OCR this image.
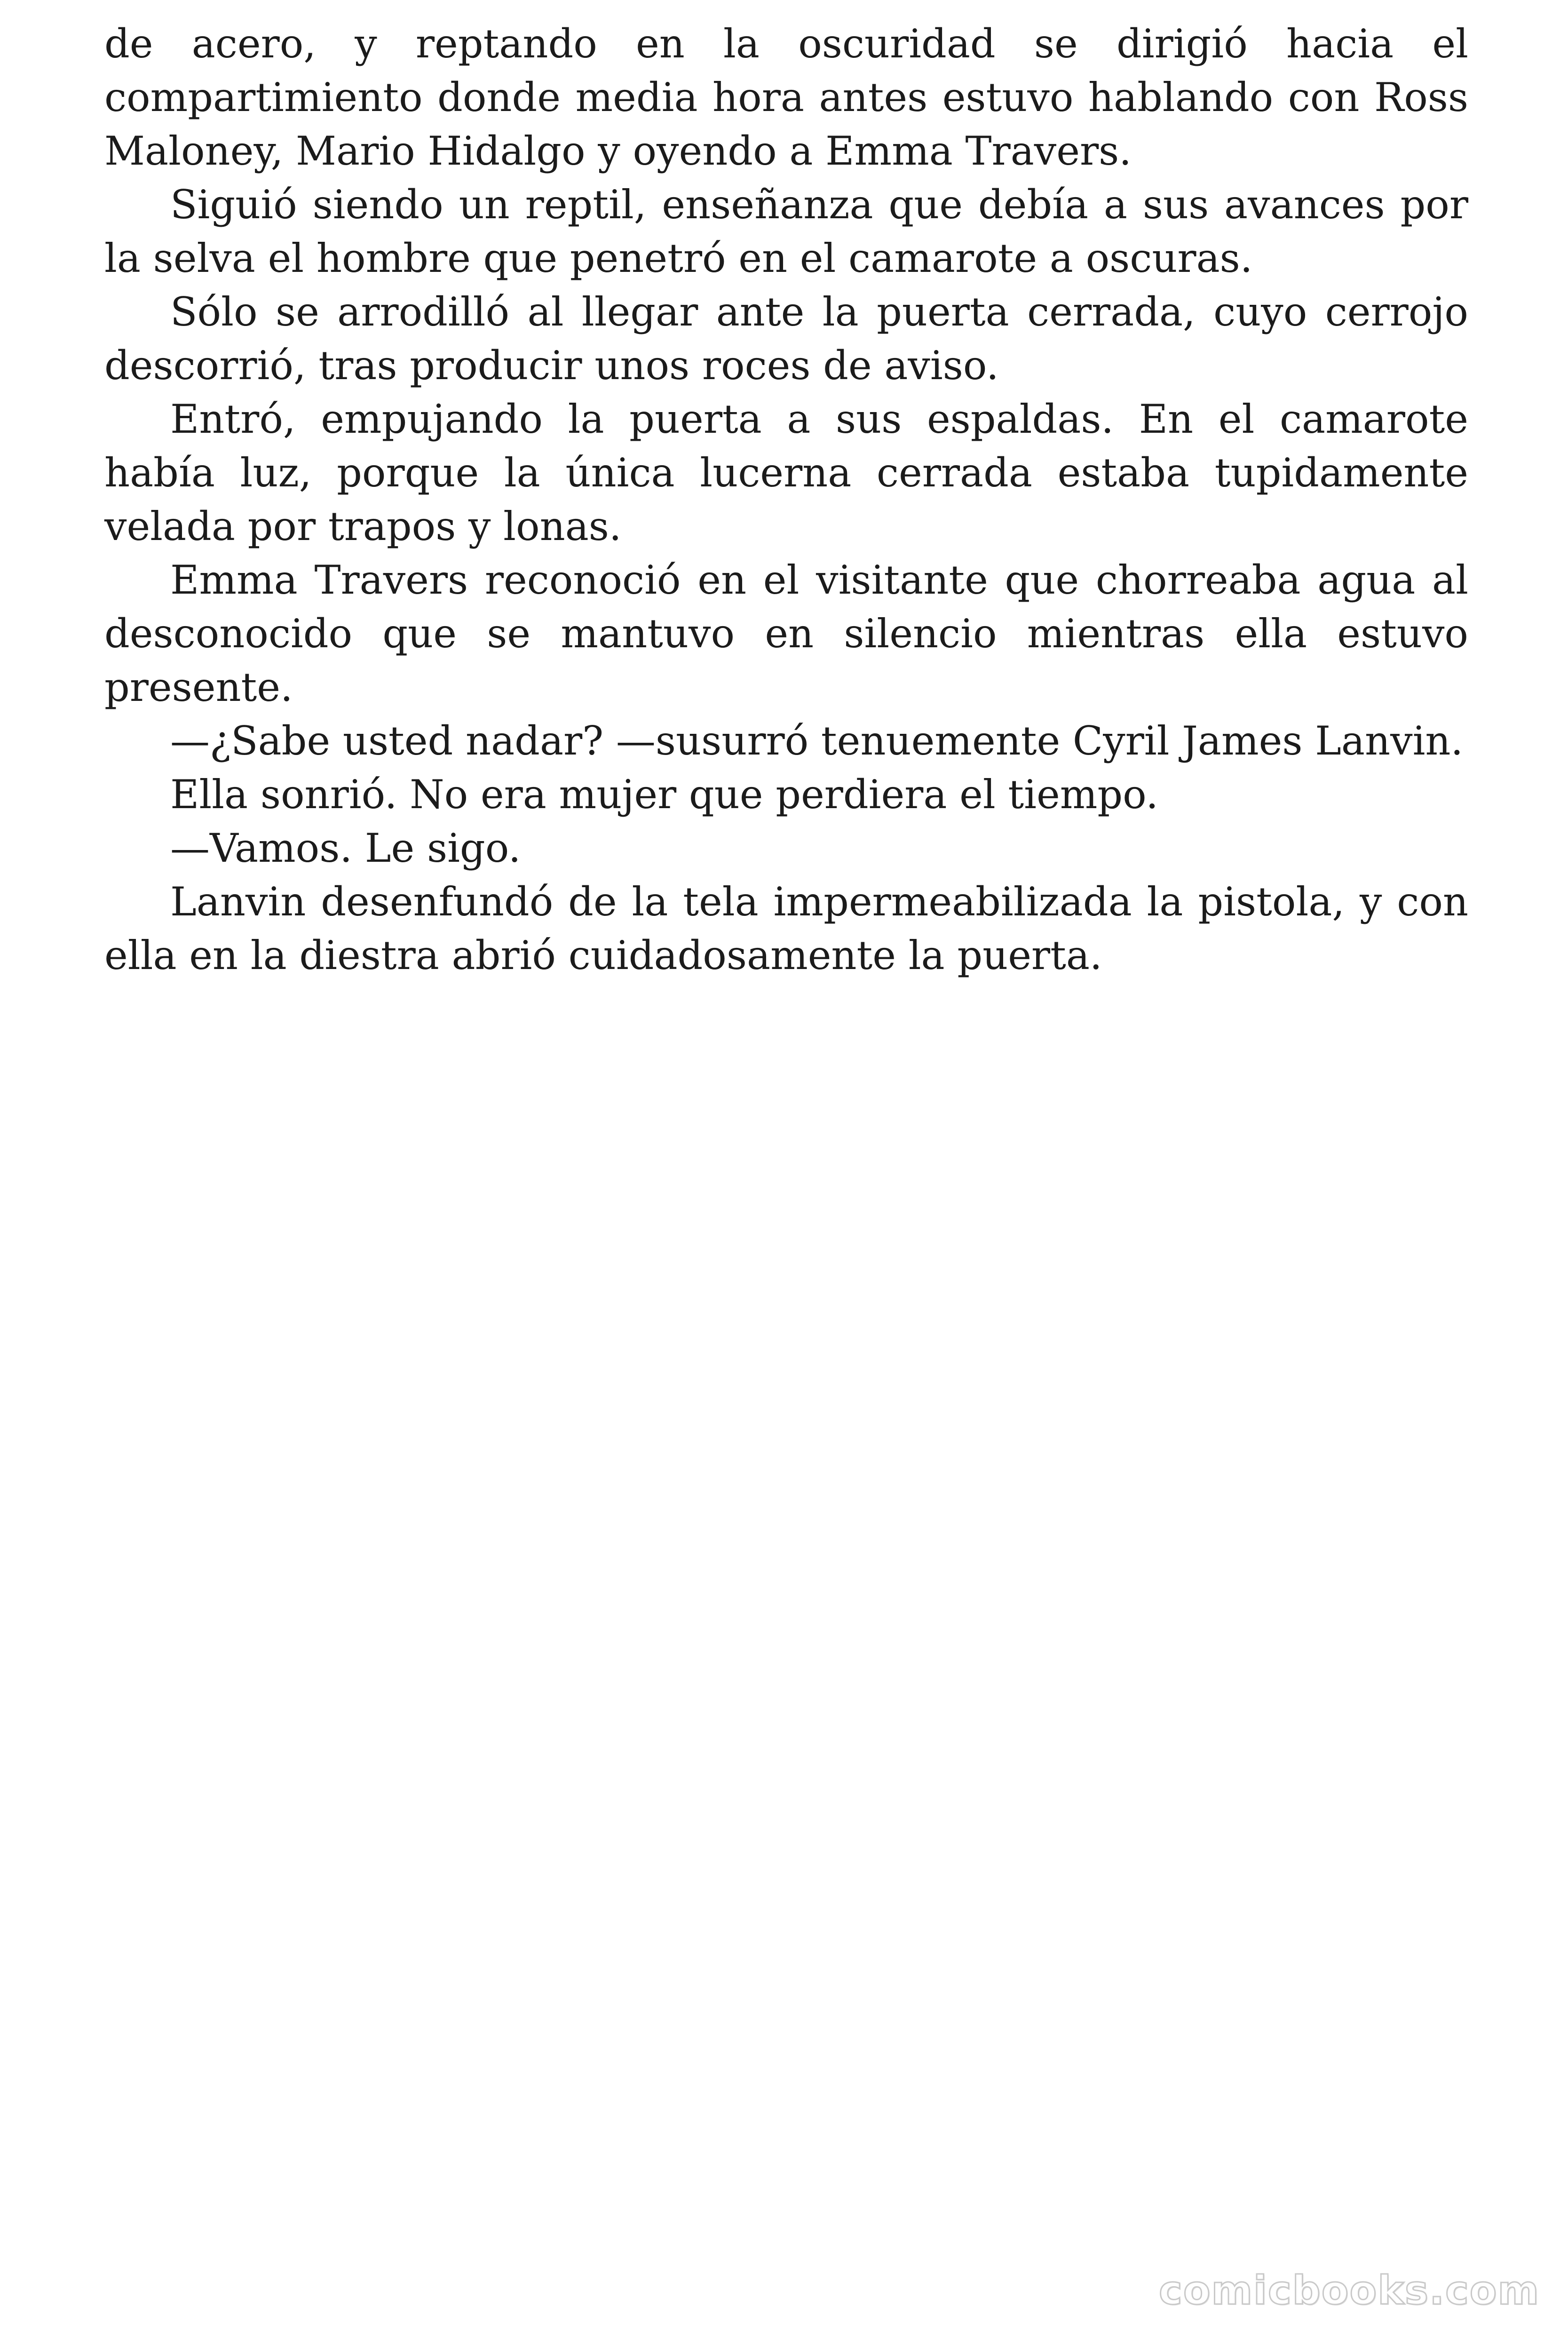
de acero, y reptando en la oscuridad se dirigió hacia el compartimiento donde media hora antes estuvo hablando con Ross Maloney, Mario Hidalgo y oyendo a Emma Travers.

Siguió siendo un reptil, enseñanza que debía a sus avances por la selva el hombre que penetró en el camarote a oscuras.

Sólo se arrodilló al llegar ante la puerta cerrada, cuyo cerrojo descorrió, tras producir unos roces de aviso.

Entró, empujando la puerta a sus espaldas. En el camarote había luz, porque la única lucerna cerrada estaba tupidamente velada por trapos y lonas.

Emma Travers reconoció en el visitante que chorreaba agua al desconocido que se mantuvo en silencio mientras ella estuvo presente.

—¿Sabe usted nadar? —susurró tenuemente Cyril James Lanvin.

Ella sonrió. No era mujer que perdiera el tiempo.

—Vamos. Le sigo.

Lanvin desenfundó de la tela impermeabilizada la pistola, y con ella en la diestra abrió cuidadosamente la puerta.

comicbooks.com
